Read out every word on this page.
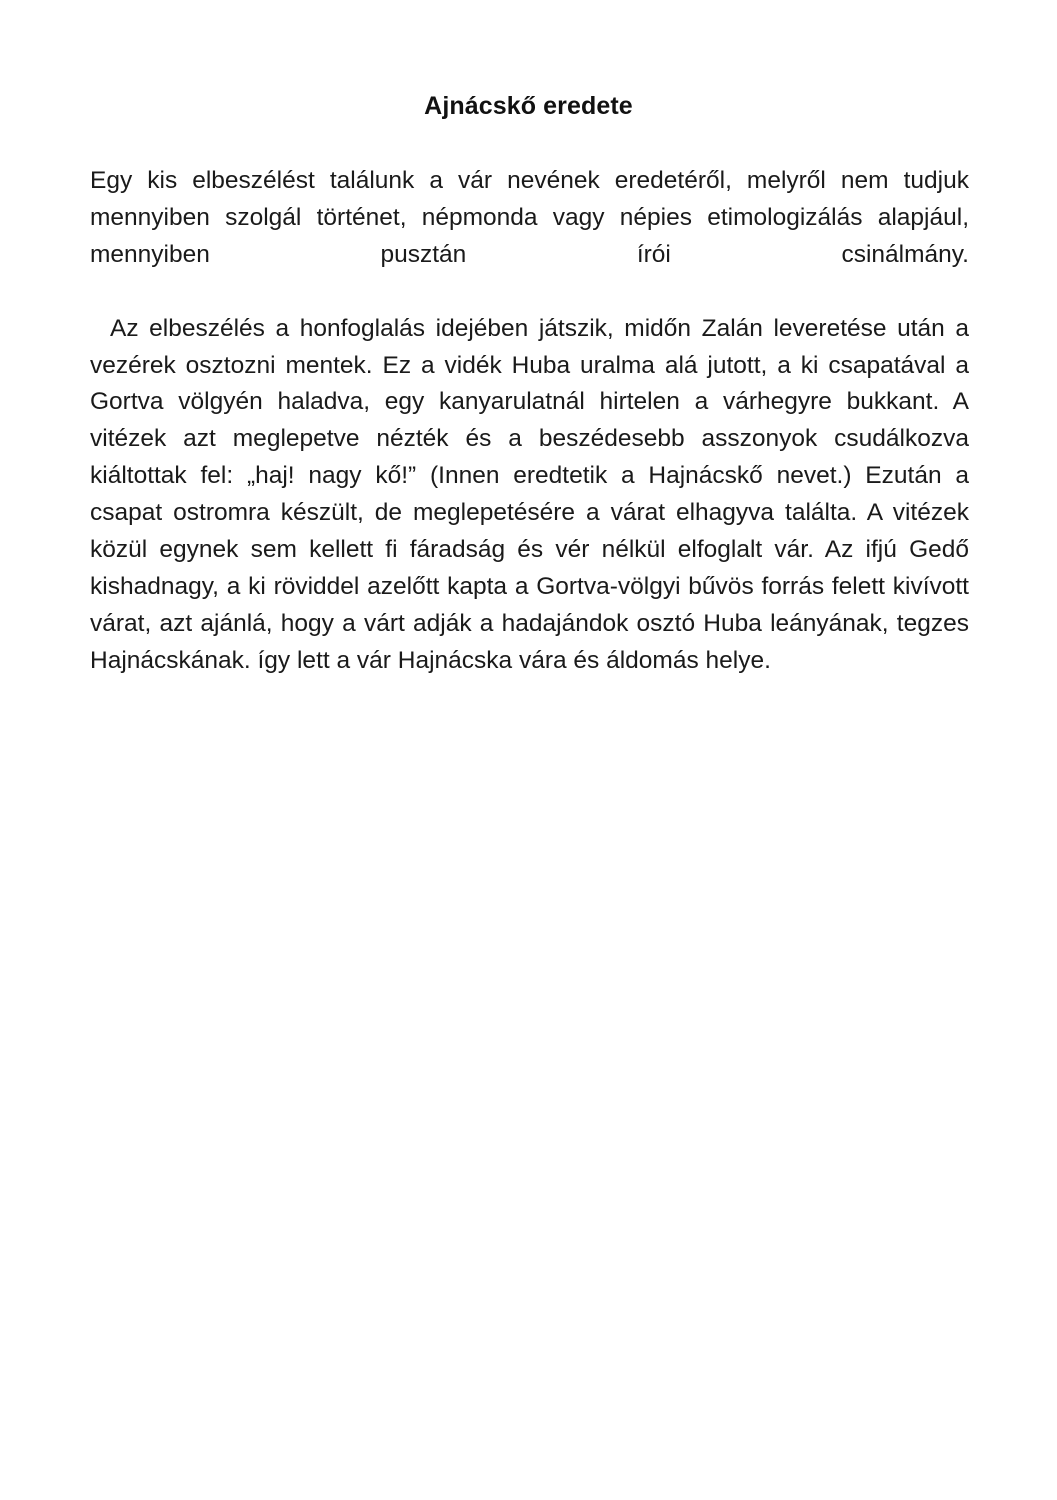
Ajnácskő eredete

Egy kis elbeszélést találunk a vár nevének eredetéről, melyről nem tudjuk mennyiben szolgál történet, népmonda vagy népies etimologizálás alapjául, mennyiben pusztán írói csinálmány.

Az elbeszélés a honfoglalás idejében játszik, midőn Zalán leveretése után a vezérek osztozni mentek. Ez a vidék Huba uralma alá jutott, a ki csapatával a Gortva völgyén haladva, egy kanyarulatnál hirtelen a várhegyre bukkant. A vitézek azt meglepetve nézték és a beszédesebb asszonyok csudálkozva kiáltottak fel: „haj! nagy kő!” (Innen eredtetik a Hajnácskő nevet.) Ezután a csapat ostromra készült, de meglepetésére a várat elhagyva találta. A vitézek közül egynek sem kellett fi fáradság és vér nélkül elfoglalt vár. Az ifjú Gedő kishadnagy, a ki röviddel azelőtt kapta a Gortva-völgyi bűvös forrás felett kivívott várat, azt ajánlá, hogy a várt adják a hadajándok osztó Huba leányának, tegzes Hajnácskának. így lett a vár Hajnácska vára és áldomás helye.
